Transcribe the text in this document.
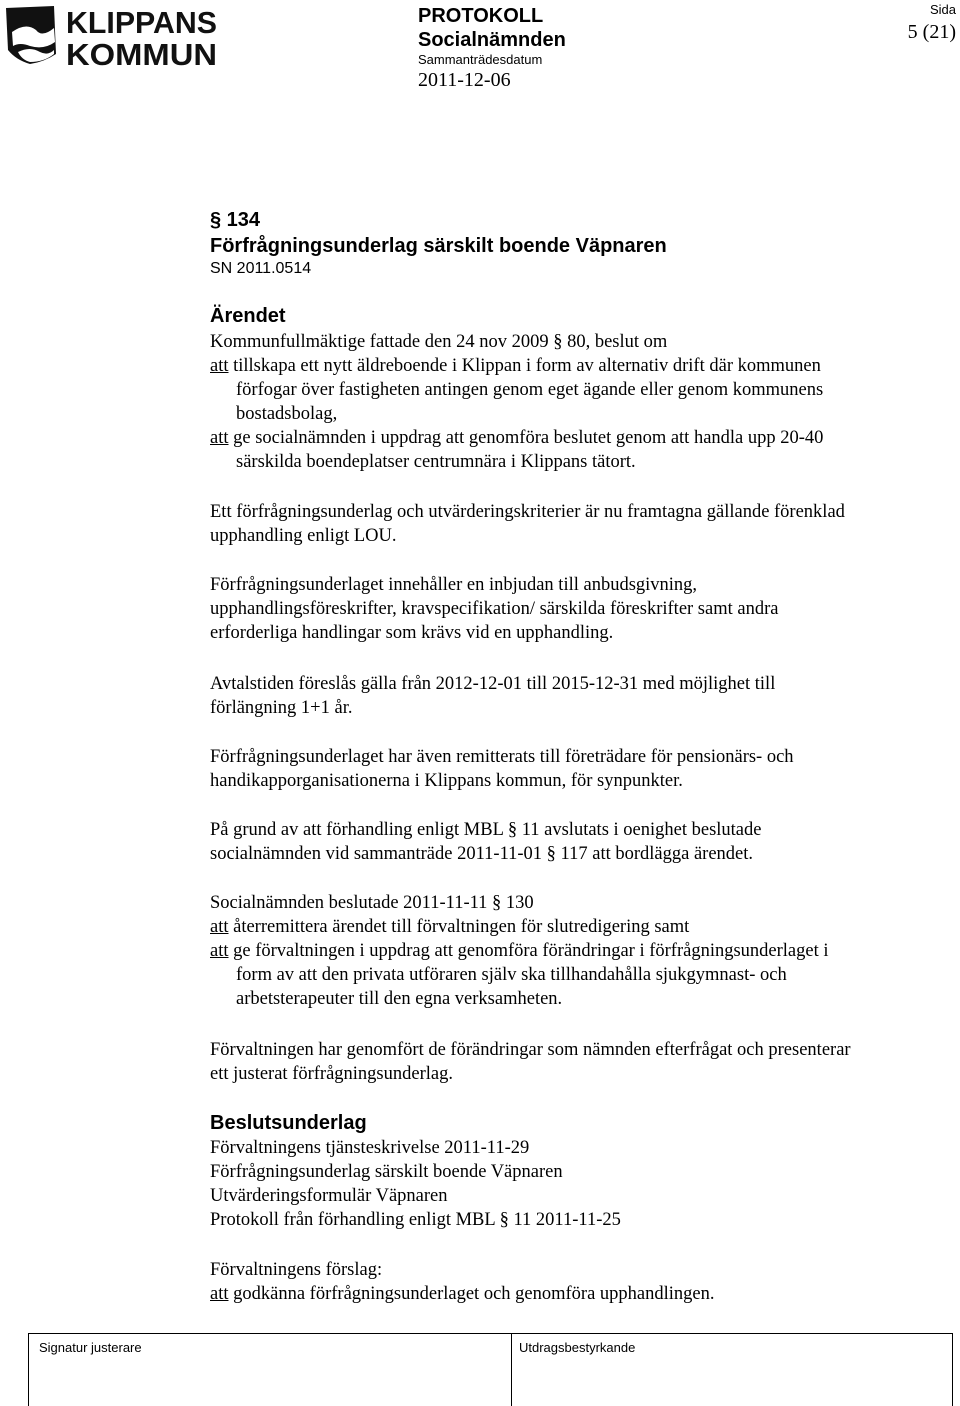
KLIPPANS
KOMMUN
PROTOKOLL
Socialnämnden
Sammanträdesdatum
2011-12-06
Sida
5 (21)
§ 134
Förfrågningsunderlag särskilt boende Väpnaren
SN 2011.0514
Ärendet
Kommunfullmäktige fattade den 24 nov 2009 § 80, beslut om
att tillskapa ett nytt äldreboende i Klippan i form av alternativ drift där kommunen
förfogar över fastigheten antingen genom eget ägande eller genom kommunens
bostadsbolag,
att ge socialnämnden i uppdrag att genomföra beslutet genom att handla upp 20-40
särskilda boendeplatser centrumnära i Klippans tätort.
Ett förfrågningsunderlag och utvärderingskriterier är nu framtagna gällande förenklad
upphandling enligt LOU.
Förfrågningsunderlaget innehåller en inbjudan till anbudsgivning,
upphandlingsföreskrifter, kravspecifikation/ särskilda föreskrifter samt andra
erforderliga handlingar som krävs vid en upphandling.
Avtalstiden föreslås gälla från 2012-12-01 till 2015-12-31 med möjlighet till
förlängning 1+1 år.
Förfrågningsunderlaget har även remitterats till företrädare för pensionärs- och
handikapporganisationerna i Klippans kommun, för synpunkter.
På grund av att förhandling enligt MBL § 11 avslutats i oenighet beslutade
socialnämnden vid sammanträde 2011-11-01 § 117 att bordlägga ärendet.
Socialnämnden beslutade 2011-11-11 § 130
att återremittera ärendet till förvaltningen för slutredigering samt
att ge förvaltningen i uppdrag att genomföra förändringar i förfrågningsunderlaget i
form av att den privata utföraren själv ska tillhandahålla sjukgymnast- och
arbetsterapeuter till den egna verksamheten.
Förvaltningen har genomfört de förändringar som nämnden efterfrågat och presenterar
ett justerat förfrågningsunderlag.
Beslutsunderlag
Förvaltningens tjänsteskrivelse 2011-11-29
Förfrågningsunderlag särskilt boende Väpnaren
Utvärderingsformulär Väpnaren
Protokoll från förhandling enligt MBL § 11 2011-11-25
Förvaltningens förslag:
att godkänna förfrågningsunderlaget och genomföra upphandlingen.
Signatur justerare	Utdragsbestyrkande
